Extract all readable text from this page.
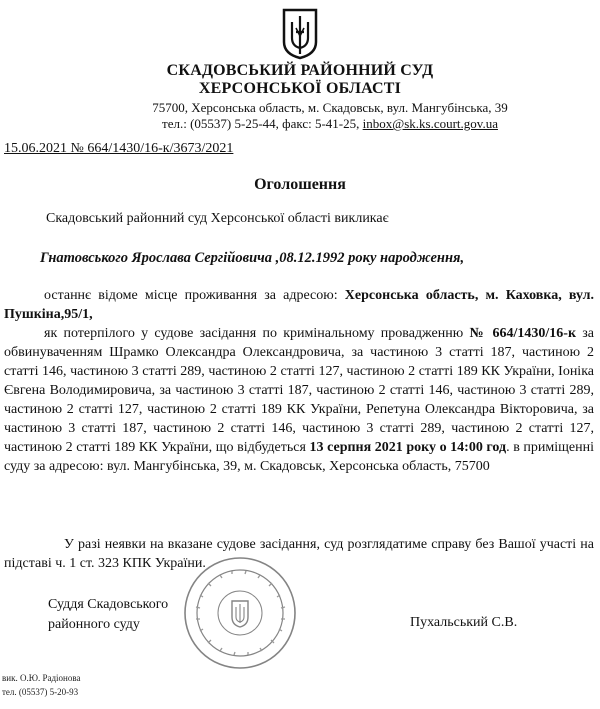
СКАДОВСЬКИЙ РАЙОННИЙ СУД
ХЕРСОНСЬКОЇ ОБЛАСТІ
75700, Херсонська область, м. Скадовськ, вул. Мангубінська, 39
тел.: (05537) 5-25-44, факс: 5-41-25, inbox@sk.ks.court.gov.ua
15.06.2021 № 664/1430/16-к/3673/2021
Оголошення
Скадовський районний суд Херсонської області викликає
Гнатовського Ярослава Сергійовича ,08.12.1992 року народження,
останнє відоме місце проживання за адресою: Херсонська область, м. Каховка, вул. Пушкіна,95/1,
як потерпілого у судове засідання по кримінальному провадженню № 664/1430/16-к за обвинуваченням Шрамко Олександра Олександровича, за частиною 3 статті 187, частиною 2 статті 146, частиною 3 статті 289, частиною 2 статті 127, частиною 2 статті 189 КК України, Іоніка Євгена Володимировича, за частиною 3 статті 187, частиною 2 статті 146, частиною 3 статті 289, частиною 2 статті 127, частиною 2 статті 189 КК України, Репетуна Олександра Вікторовича, за частиною 3 статті 187, частиною 2 статті 146, частиною 3 статті 289, частиною 2 статті 127, частиною 2 статті 189 КК України, що відбудеться 13 серпня 2021 року о 14:00 год. в приміщенні суду за адресою: вул. Мангубінська, 39, м. Скадовськ, Херсонська область, 75700
У разі неявки на вказане судове засідання, суд розглядатиме справу без Вашої участі на підставі ч. 1 ст. 323 КПК України.
Суддя Скадовського
районного суду	Пухальський С.В.
вик. О.Ю. Радіонова
тел. (05537) 5-20-93
